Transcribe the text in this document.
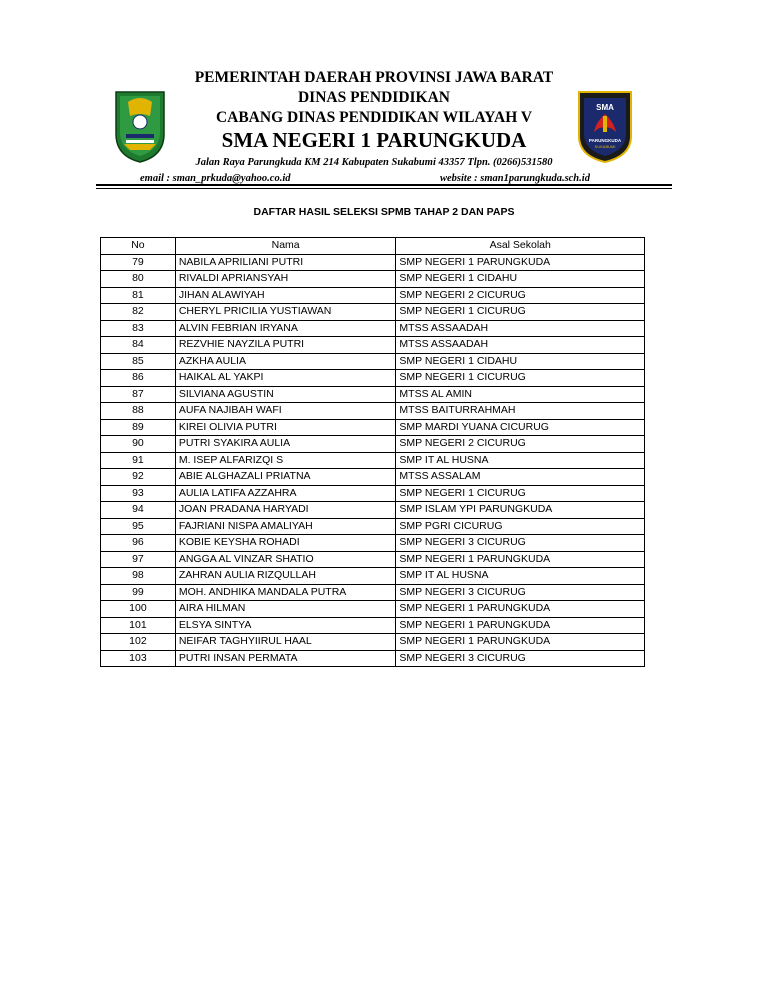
SMA
PARUNGKUDA
SUKABUMI
PEMERINTAH DAERAH PROVINSI JAWA BARAT
DINAS PENDIDIKAN
CABANG DINAS PENDIDIKAN WILAYAH V
SMA NEGERI 1 PARUNGKUDA
Jalan Raya Parungkuda KM 214 Kabupaten Sukabumi 43357 Tlpn. (0266)531580
email : sman_prkuda@yahoo.co.id	website : sman1parungkuda.sch.id
DAFTAR HASIL SELEKSI SPMB TAHAP 2 DAN PAPS
No	Nama	Asal Sekolah
79	NABILA APRILIANI PUTRI	SMP NEGERI 1 PARUNGKUDA
80	RIVALDI APRIANSYAH	SMP NEGERI 1 CIDAHU
81	JIHAN ALAWIYAH	SMP NEGERI 2 CICURUG
82	CHERYL PRICILIA YUSTIAWAN	SMP NEGERI 1 CICURUG
83	ALVIN FEBRIAN IRYANA	MTSS ASSAADAH
84	REZVHIE NAYZILA PUTRI	MTSS ASSAADAH
85	AZKHA AULIA	SMP NEGERI 1 CIDAHU
86	HAIKAL AL YAKPI	SMP NEGERI 1 CICURUG
87	SILVIANA AGUSTIN	MTSS AL AMIN
88	AUFA NAJIBAH WAFI	MTSS BAITURRAHMAH
89	KIREI OLIVIA PUTRI	SMP MARDI YUANA CICURUG
90	PUTRI SYAKIRA AULIA	SMP NEGERI 2 CICURUG
91	M. ISEP ALFARIZQI S	SMP IT AL HUSNA
92	ABIE ALGHAZALI PRIATNA	MTSS ASSALAM
93	AULIA LATIFA AZZAHRA	SMP NEGERI 1 CICURUG
94	JOAN PRADANA HARYADI	SMP ISLAM YPI PARUNGKUDA
95	FAJRIANI NISPA AMALIYAH	SMP PGRI CICURUG
96	KOBIE KEYSHA ROHADI	SMP NEGERI 3 CICURUG
97	ANGGA AL VINZAR SHATIO	SMP NEGERI 1 PARUNGKUDA
98	ZAHRAN AULIA RIZQULLAH	SMP IT AL HUSNA
99	MOH. ANDHIKA MANDALA PUTRA	SMP NEGERI 3 CICURUG
100	AIRA HILMAN	SMP NEGERI 1 PARUNGKUDA
101	ELSYA SINTYA	SMP NEGERI 1 PARUNGKUDA
102	NEIFAR TAGHYIIRUL HAAL	SMP NEGERI 1 PARUNGKUDA
103	PUTRI INSAN PERMATA	SMP NEGERI 3 CICURUG
